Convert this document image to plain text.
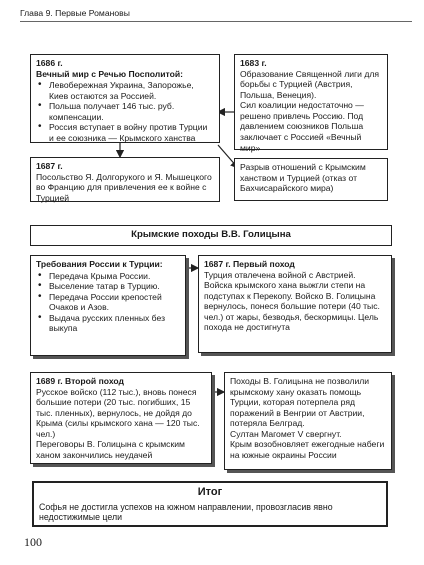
Глава 9. Первые Романовы
1686 г.
Вечный мир с Речью Посполитой:
• Левобережная Украина, Запорожье, Киев остаются за Россией.
• Польша получает 146 тыс. руб. компенсации.
• Россия вступает в войну против Турции и ее союзника — Крымского ханства
1683 г.
Образование Священной лиги для борьбы с Турцией (Австрия, Польша, Венеция).
Сил коалиции недостаточно — решено привлечь Россию. Под давлением союзников Польша заключает с Россией «Вечный мир»
1687 г.
Посольство Я. Долгорукого и Я. Мышецкого во Францию для привлечения ее к войне с Турцией
Разрыв отношений с Крымским ханством и Турцией (отказ от Бахчисарайского мира)
Крымские походы В.В. Голицына
Требования России к Турции:
• Передача Крыма России.
• Выселение татар в Турцию.
• Передача России крепостей Очаков и Азов.
• Выдача русских пленных без выкупа
1687 г. Первый поход
Турция отвлечена войной с Австрией. Войска крымского хана выжгли степи на подступах к Перекопу. Войско В. Голицына вернулось, понеся большие потери (40 тыс. чел.) от жары, безводья, бескормицы. Цель похода не достигнута
1689 г. Второй поход
Русское войско (112 тыс.), вновь понеся большие потери (20 тыс. погибших, 15 тыс. пленных), вернулось, не дойдя до Крыма (силы крымского хана — 120 тыс. чел.)
Переговоры В. Голицына с крымским ханом закончились неудачей
Походы В. Голицына не позволили крымскому хану оказать помощь Турции, которая потерпела ряд поражений в Венгрии от Австрии, потеряла Белград.
Султан Магомет V свергнут.
Крым возобновляет ежегодные набеги на южные окраины России
Итог
Софья не достигла успехов на южном направлении, провозгласив явно недостижимые цели
100
